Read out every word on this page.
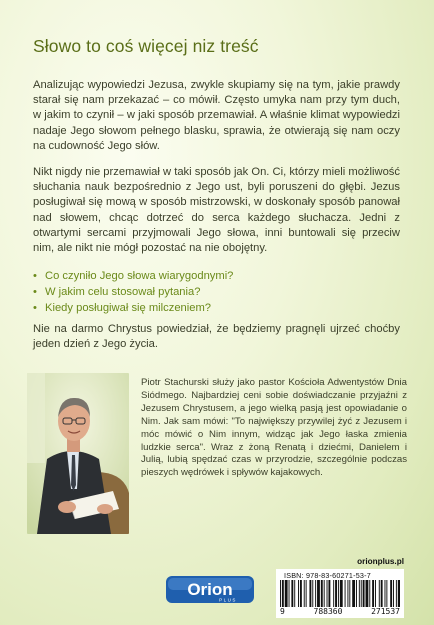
Słowo to coś więcej niz treść
Analizując wypowiedzi Jezusa, zwykle skupiamy się na tym, jakie prawdy starał się nam przekazać – co mówił. Często umyka nam przy tym duch, w jakim to czynił – w jaki sposób przemawiał. A właśnie klimat wypowiedzi nadaje Jego słowom pełnego blasku, sprawia, że otwierają się nam oczy na cudowność Jego słów.
Nikt nigdy nie przemawiał w taki sposób jak On. Ci, którzy mieli możliwość słuchania nauk bezpośrednio z Jego ust, byli poruszeni do głębi. Jezus posługiwał się mową w sposób mistrzowski, w doskonały sposób panował nad słowem, chcąc dotrzeć do serca każdego słuchacza. Jedni z otwartymi sercami przyjmowali Jego słowa, inni buntowali się przeciw nim, ale nikt nie mógł pozostać na nie obojętny.
• Co czyniło Jego słowa wiarygodnymi?
• W jakim celu stosował pytania?
• Kiedy posługiwał się milczeniem?
Nie na darmo Chrystus powiedział, że będziemy pragnęli ujrzeć choćby jeden dzień z Jego życia.
Piotr Stachurski służy jako pastor Kościoła Adwentystów Dnia Siódmego. Najbardziej ceni sobie doświadczanie przyjaźni z Jezusem Chrystusem, a jego wielką pasją jest opowiadanie o Nim. Jak sam mówi: "To największy przywilej żyć z Jezusem i móc mówić o Nim innym, widząc jak Jego łaska zmienia ludzkie serca". Wraz z żoną Renatą i dziećmi, Danielem i Julią, lubią spędzać czas w przyrodzie, szczególnie podczas pieszych wędrówek i spływów kajakowych.
Orion
PLUS
orionplus.pl
ISBN: 978-83-60271-53-7
9	788360	271537
